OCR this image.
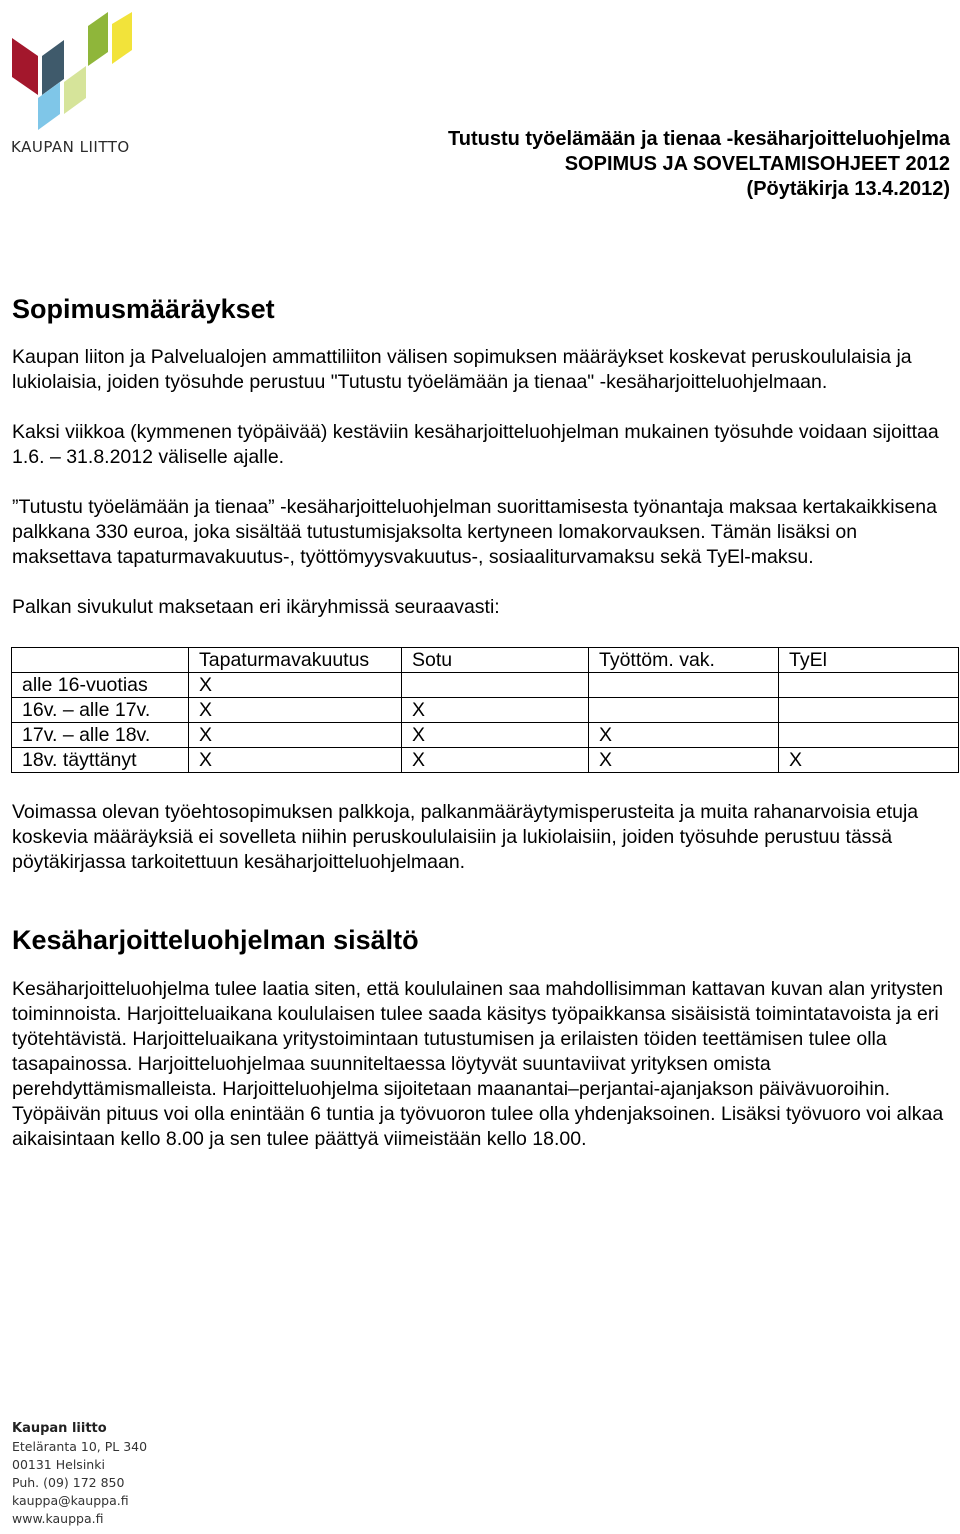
KAUPAN LIITTO	Tutustu työelämään ja tienaa -kesäharjoitteluohjelma
SOPIMUS JA SOVELTAMISOHJEET 2012
(Pöytäkirja 13.4.2012)
Sopimusmääräykset

Kaupan liiton ja Palvelualojen ammattiliiton välisen sopimuksen määräykset koskevat peruskoululaisia ja lukiolaisia, joiden työsuhde perustuu "Tutustu työelämään ja tienaa" -kesäharjoitteluohjelmaan.

Kaksi viikkoa (kymmenen työpäivää) kestäviin kesäharjoitteluohjelman mukainen työsuhde voidaan sijoittaa 1.6. – 31.8.2012 väliselle ajalle.

”Tutustu työelämään ja tienaa” -kesäharjoitteluohjelman suorittamisesta työnantaja maksaa kertakaikkisena palkkana 330 euroa, joka sisältää tutustumisjaksolta kertyneen lomakorvauksen. Tämän lisäksi on maksettava tapaturmavakuutus-, työttömyysvakuutus-, sosiaaliturvamaksu sekä TyEl-maksu.

Palkan sivukulut maksetaan eri ikäryhmissä seuraavasti:

	Tapaturmavakuutus	Sotu	Työttöm. vak.	TyEl
alle 16-vuotias	X			
16v. – alle 17v.	X	X		
17v. – alle 18v.	X	X	X	
18v. täyttänyt	X	X	X	X

Voimassa olevan työehtosopimuksen palkkoja, palkanmääräytymisperusteita ja muita rahanarvoisia etuja koskevia määräyksiä ei sovelleta niihin peruskoululaisiin ja lukiolaisiin, joiden työsuhde perustuu tässä pöytäkirjassa tarkoitettuun kesäharjoitteluohjelmaan.

Kesäharjoitteluohjelman sisältö

Kesäharjoitteluohjelma tulee laatia siten, että koululainen saa mahdollisimman kattavan kuvan alan yritysten toiminnoista. Harjoitteluaikana koululaisen tulee saada käsitys työpaikkansa sisäisistä toimintatavoista ja eri työtehtävistä. Harjoitteluaikana yritystoimintaan tutustumisen ja erilaisten töiden teettämisen tulee olla tasapainossa. Harjoitteluohjelmaa suunniteltaessa löytyvät suuntaviivat yrityksen omista perehdyttämismalleista. Harjoitteluohjelma sijoitetaan maanantai–perjantai-ajanjakson päivävuoroihin. Työpäivän pituus voi olla enintään 6 tuntia ja työvuoron tulee olla yhdenjaksoinen. Lisäksi työvuoro voi alkaa aikaisintaan kello 8.00 ja sen tulee päättyä viimeistään kello 18.00.

Kaupan liitto
Eteläranta 10, PL 340
00131 Helsinki
Puh. (09) 172 850
kauppa@kauppa.fi
www.kauppa.fi
